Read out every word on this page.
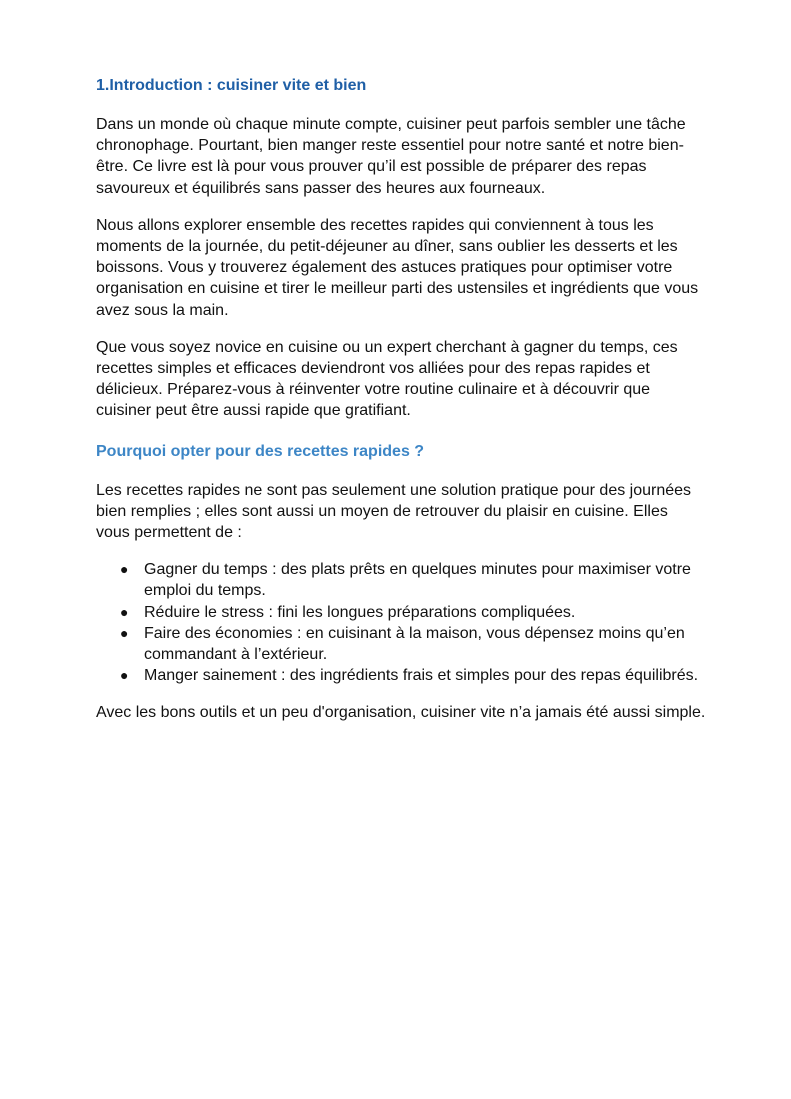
1.Introduction : cuisiner vite et bien

Dans un monde où chaque minute compte, cuisiner peut parfois sembler une tâche chronophage. Pourtant, bien manger reste essentiel pour notre santé et notre bien-être. Ce livre est là pour vous prouver qu’il est possible de préparer des repas savoureux et équilibrés sans passer des heures aux fourneaux.

Nous allons explorer ensemble des recettes rapides qui conviennent à tous les moments de la journée, du petit-déjeuner au dîner, sans oublier les desserts et les boissons. Vous y trouverez également des astuces pratiques pour optimiser votre organisation en cuisine et tirer le meilleur parti des ustensiles et ingrédients que vous avez sous la main.

Que vous soyez novice en cuisine ou un expert cherchant à gagner du temps, ces recettes simples et efficaces deviendront vos alliées pour des repas rapides et délicieux. Préparez-vous à réinventer votre routine culinaire et à découvrir que cuisiner peut être aussi rapide que gratifiant.

Pourquoi opter pour des recettes rapides ?

Les recettes rapides ne sont pas seulement une solution pratique pour des journées bien remplies ; elles sont aussi un moyen de retrouver du plaisir en cuisine. Elles vous permettent de :

● Gagner du temps : des plats prêts en quelques minutes pour maximiser votre emploi du temps.
● Réduire le stress : fini les longues préparations compliquées.
● Faire des économies : en cuisinant à la maison, vous dépensez moins qu’en commandant à l’extérieur.
● Manger sainement : des ingrédients frais et simples pour des repas équilibrés.

Avec les bons outils et un peu d'organisation, cuisiner vite n’a jamais été aussi simple.
